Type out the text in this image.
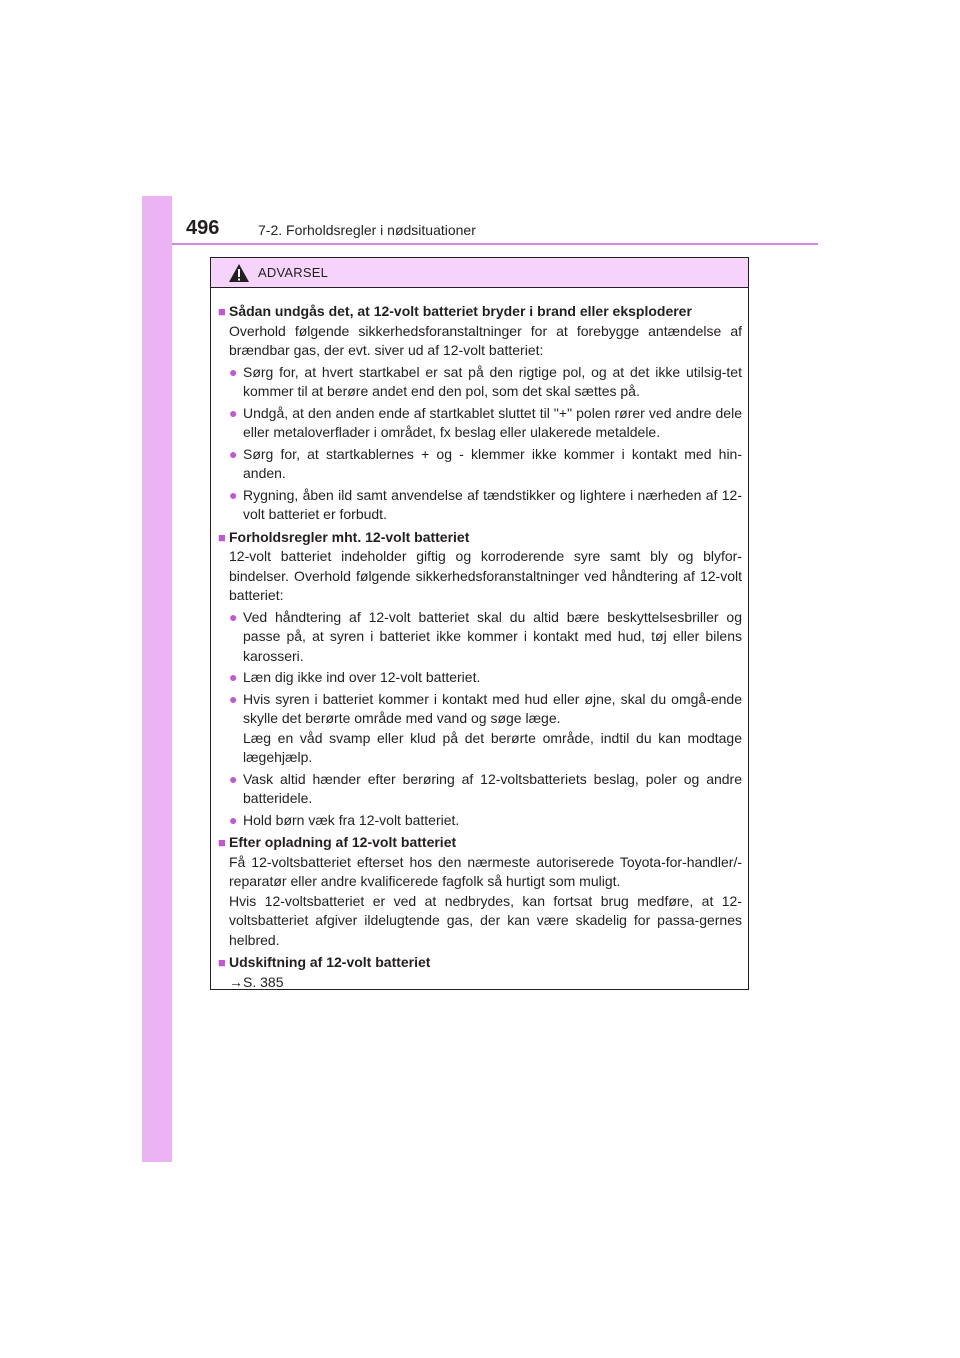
496	7-2. Forholdsregler i nødsituationer
ADVARSEL
■ Sådan undgås det, at 12-volt batteriet bryder i brand eller eksploderer
Overhold følgende sikkerhedsforanstaltninger for at forebygge antændelse af brændbar gas, der evt. siver ud af 12-volt batteriet:
● Sørg for, at hvert startkabel er sat på den rigtige pol, og at det ikke utilsig-tet kommer til at berøre andet end den pol, som det skal sættes på.
● Undgå, at den anden ende af startkablet sluttet til "+" polen rører ved andre dele eller metaloverflader i området, fx beslag eller ulakerede metaldele.
● Sørg for, at startkablernes + og - klemmer ikke kommer i kontakt med hin-anden.
● Rygning, åben ild samt anvendelse af tændstikker og lightere i nærheden af 12-volt batteriet er forbudt.
■ Forholdsregler mht. 12-volt batteriet
12-volt batteriet indeholder giftig og korroderende syre samt bly og blyfor-bindelser. Overhold følgende sikkerhedsforanstaltninger ved håndtering af 12-volt batteriet:
● Ved håndtering af 12-volt batteriet skal du altid bære beskyttelsesbriller og passe på, at syren i batteriet ikke kommer i kontakt med hud, tøj eller bilens karosseri.
● Læn dig ikke ind over 12-volt batteriet.
● Hvis syren i batteriet kommer i kontakt med hud eller øjne, skal du omgå-ende skylle det berørte område med vand og søge læge.
Læg en våd svamp eller klud på det berørte område, indtil du kan modtage lægehjælp.
● Vask altid hænder efter berøring af 12-voltsbatteriets beslag, poler og andre batteridele.
● Hold børn væk fra 12-volt batteriet.
■ Efter opladning af 12-volt batteriet
Få 12-voltsbatteriet efterset hos den nærmeste autoriserede Toyota-for-handler/-reparatør eller andre kvalificerede fagfolk så hurtigt som muligt.
Hvis 12-voltsbatteriet er ved at nedbrydes, kan fortsat brug medføre, at 12-voltsbatteriet afgiver ildelugtende gas, der kan være skadelig for passa-gernes helbred.
■ Udskiftning af 12-volt batteriet
→S. 385
